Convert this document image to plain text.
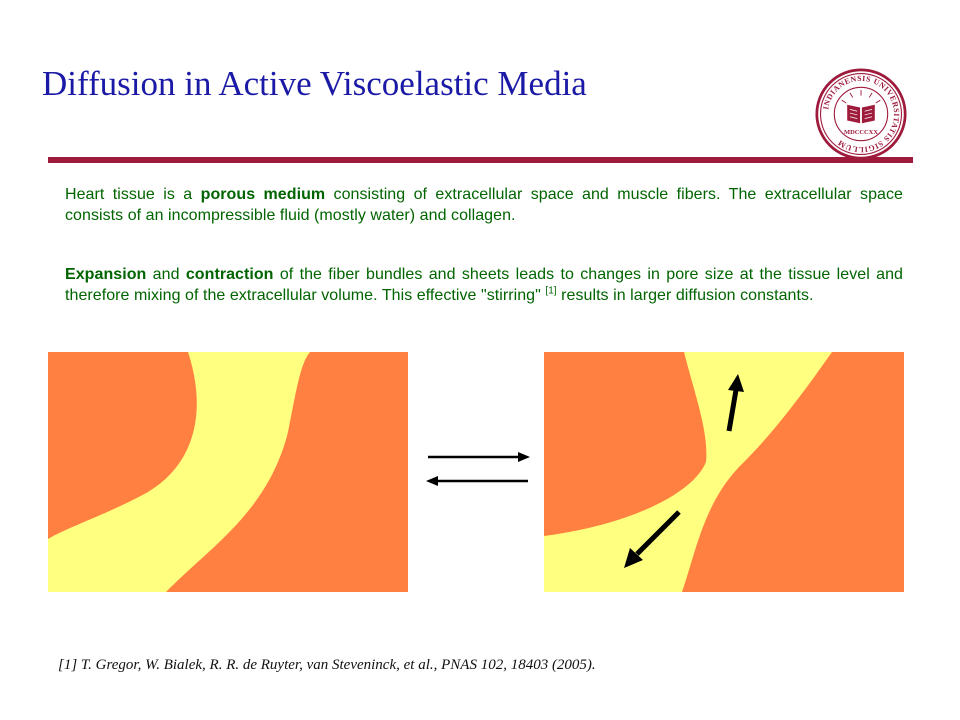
Diffusion in Active Viscoelastic Media
INDIANENSIS UNIVERSITATIS SIGILLUM
MDCCCXX
Heart tissue is a porous medium consisting of extracellular space and muscle fibers. The extracellular space consists of an incompressible fluid (mostly water) and collagen.
Expansion and contraction of the fiber bundles and sheets leads to changes in pore size at the tissue level and therefore mixing of the extracellular volume. This effective "stirring" [1] results in larger diffusion constants.
[1] T. Gregor, W. Bialek, R. R. de Ruyter, van Steveninck, et al., PNAS 102, 18403 (2005).
